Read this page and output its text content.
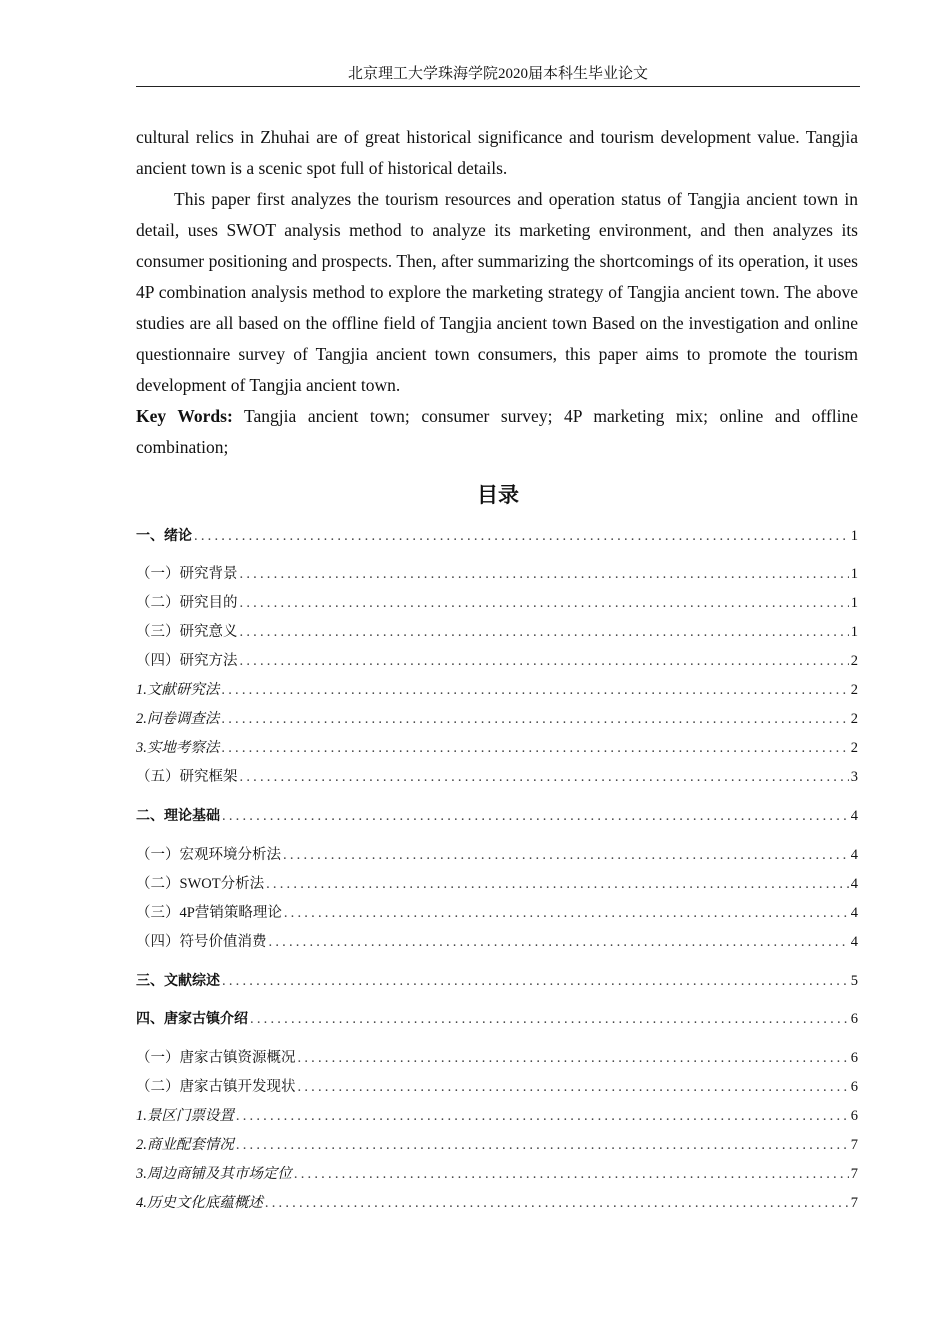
北京理工大学珠海学院2020届本科生毕业论文

cultural relics in Zhuhai are of great historical significance and tourism development value. Tangjia ancient town is a scenic spot full of historical details.

This paper first analyzes the tourism resources and operation status of Tangjia ancient town in detail, uses SWOT analysis method to analyze its marketing environment, and then analyzes its consumer positioning and prospects. Then, after summarizing the shortcomings of its operation, it uses 4P combination analysis method to explore the marketing strategy of Tangjia ancient town. The above studies are all based on the offline field of Tangjia ancient town Based on the investigation and online questionnaire survey of Tangjia ancient town consumers, this paper aims to promote the tourism development of Tangjia ancient town.

Key Words: Tangjia ancient town; consumer survey; 4P marketing mix; online and offline combination;

目录
一、绪论 .....	1
（一）研究背景 .....	1
（二）研究目的 .....	1
（三）研究意义 .....	1
（四）研究方法 .....	2
1.文献研究法 .....	2
2.问卷调查法 .....	2
3.实地考察法 .....	2
（五）研究框架 .....	3
二、理论基础 .....	4
（一）宏观环境分析法 .....	4
（二）SWOT分析法 .....	4
（三）4P营销策略理论 .....	4
（四）符号价值消费 .....	4
三、文献综述 .....	5
四、唐家古镇介绍 .....	6
（一）唐家古镇资源概况 .....	6
（二）唐家古镇开发现状 .....	6
1.景区门票设置 .....	6
2.商业配套情况 .....	7
3.周边商铺及其市场定位 .....	7
4.历史文化底蕴概述 .....	7
